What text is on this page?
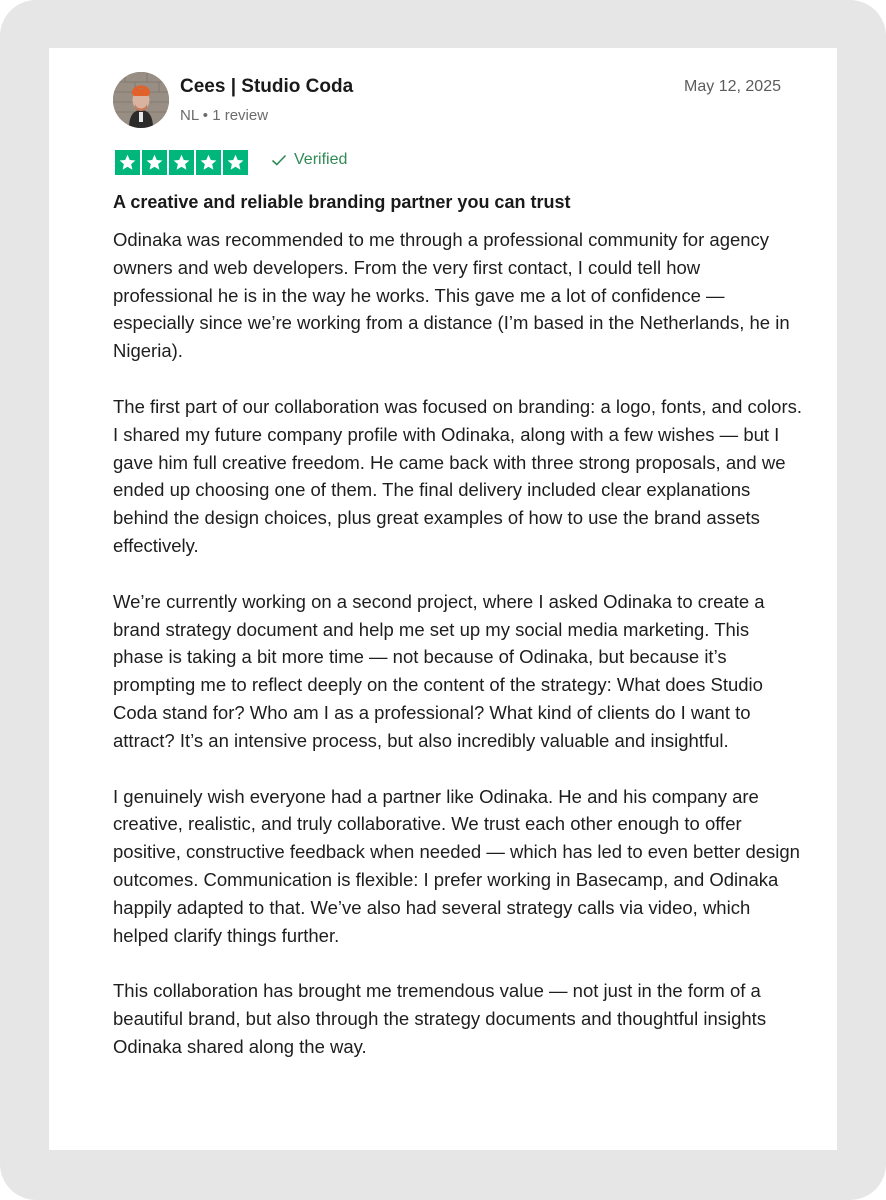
Cees | Studio Coda
NL • 1 review
May 12, 2025
Verified
A creative and reliable branding partner you can trust

Odinaka was recommended to me through a professional community for agency owners and web developers. From the very first contact, I could tell how professional he is in the way he works. This gave me a lot of confidence — especially since we’re working from a distance (I’m based in the Netherlands, he in Nigeria).

The first part of our collaboration was focused on branding: a logo, fonts, and colors. I shared my future company profile with Odinaka, along with a few wishes — but I gave him full creative freedom. He came back with three strong proposals, and we ended up choosing one of them. The final delivery included clear explanations behind the design choices, plus great examples of how to use the brand assets effectively.

We’re currently working on a second project, where I asked Odinaka to create a brand strategy document and help me set up my social media marketing. This phase is taking a bit more time — not because of Odinaka, but because it’s prompting me to reflect deeply on the content of the strategy: What does Studio Coda stand for? Who am I as a professional? What kind of clients do I want to attract? It’s an intensive process, but also incredibly valuable and insightful.

I genuinely wish everyone had a partner like Odinaka. He and his company are creative, realistic, and truly collaborative. We trust each other enough to offer positive, constructive feedback when needed — which has led to even better design outcomes. Communication is flexible: I prefer working in Basecamp, and Odinaka happily adapted to that. We’ve also had several strategy calls via video, which helped clarify things further.

This collaboration has brought me tremendous value — not just in the form of a beautiful brand, but also through the strategy documents and thoughtful insights Odinaka shared along the way.
